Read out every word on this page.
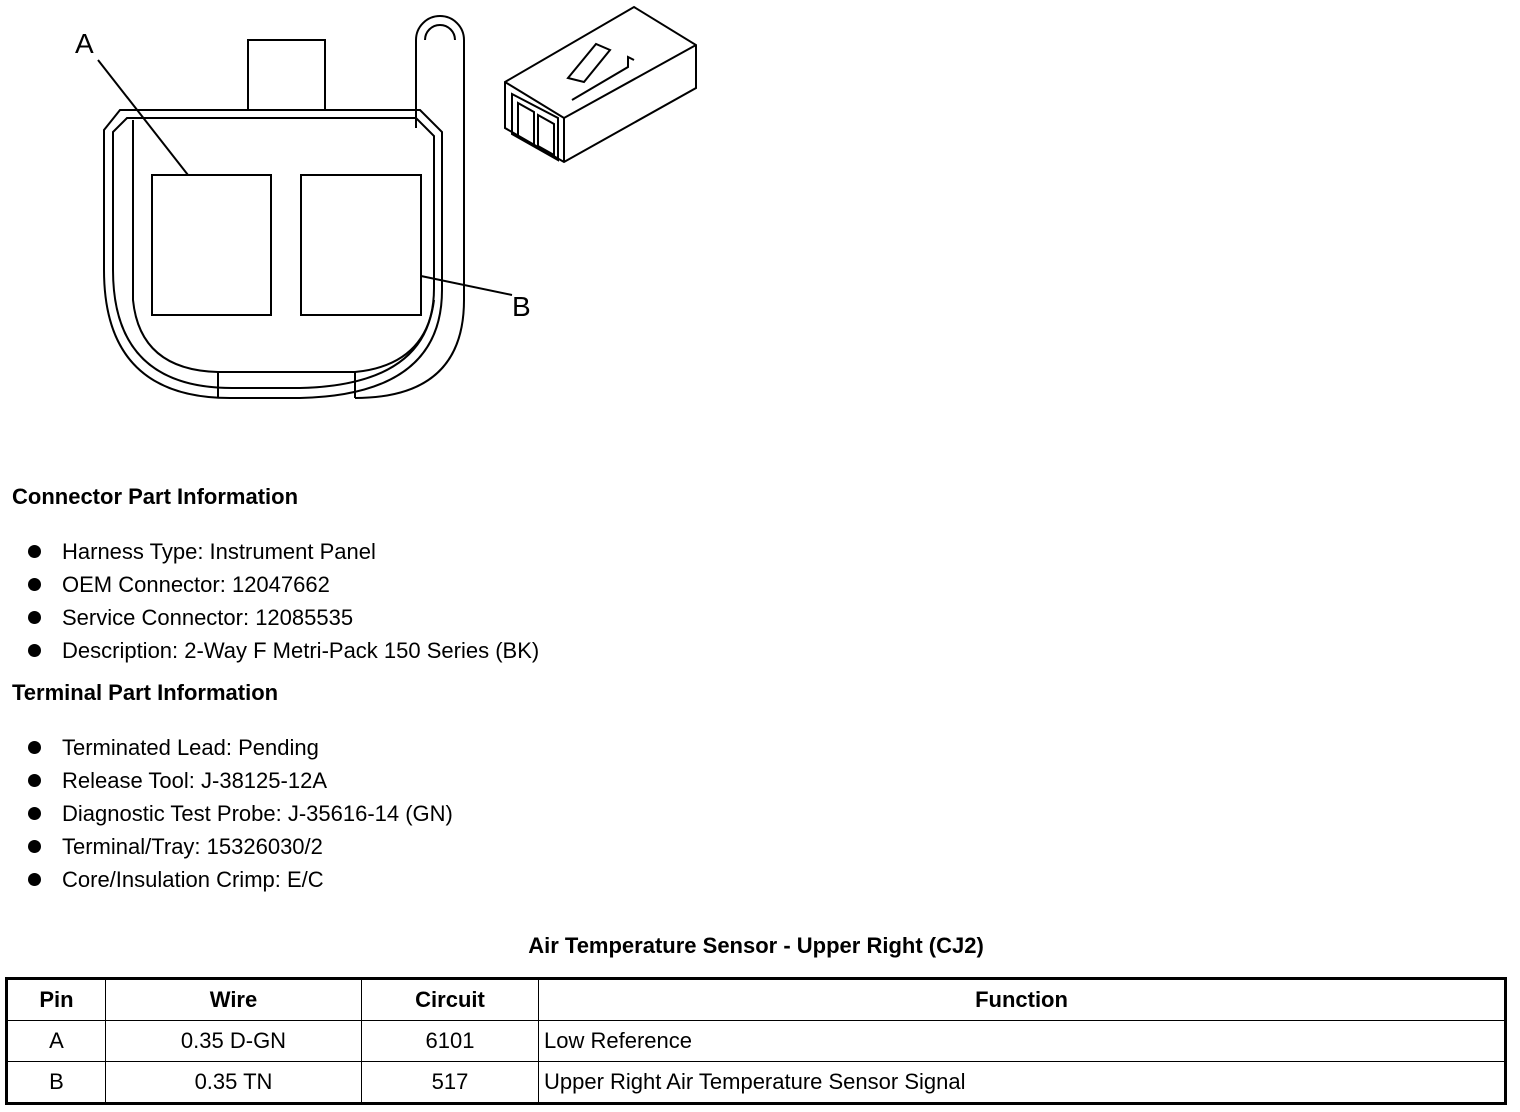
A
B
Connector Part Information
Harness Type: Instrument Panel
OEM Connector: 12047662
Service Connector: 12085535
Description: 2-Way F Metri-Pack 150 Series (BK)
Terminal Part Information
Terminated Lead: Pending
Release Tool: J-38125-12A
Diagnostic Test Probe: J-35616-14 (GN)
Terminal/Tray: 15326030/2
Core/Insulation Crimp: E/C
Air Temperature Sensor - Upper Right (CJ2)
Pin	Wire	Circuit	Function
A	0.35 D-GN	6101	Low Reference
B	0.35 TN	517	Upper Right Air Temperature Sensor Signal
